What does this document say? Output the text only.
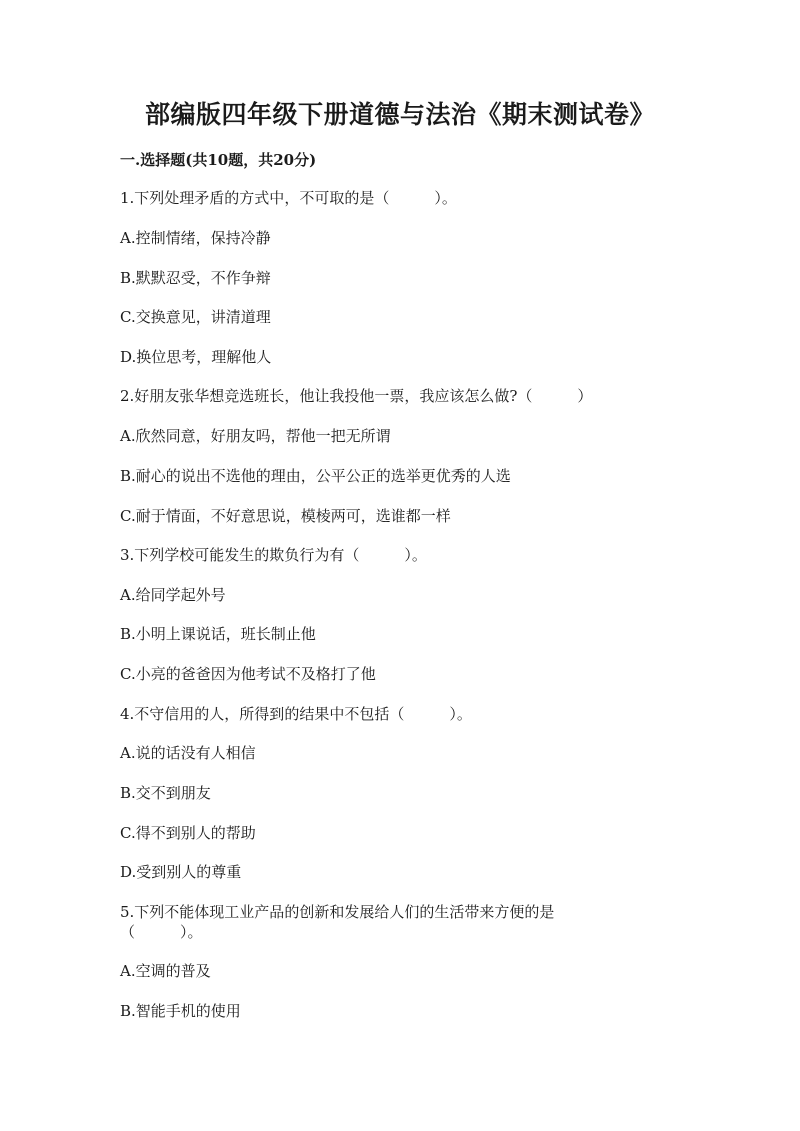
部编版四年级下册道德与法治《期末测试卷》
一.选择题(共10题，共20分)
1.下列处理矛盾的方式中，不可取的是（　　　）。
A.控制情绪，保持冷静
B.默默忍受，不作争辩
C.交换意见，讲清道理
D.换位思考，理解他人
2.好朋友张华想竞选班长，他让我投他一票，我应该怎么做?（　　　）
A.欣然同意，好朋友吗，帮他一把无所谓
B.耐心的说出不选他的理由，公平公正的选举更优秀的人选
C.耐于情面，不好意思说，模棱两可，选谁都一样
3.下列学校可能发生的欺负行为有（　　　）。
A.给同学起外号
B.小明上课说话，班长制止他
C.小亮的爸爸因为他考试不及格打了他
4.不守信用的人，所得到的结果中不包括（　　　）。
A.说的话没有人相信
B.交不到朋友
C.得不到别人的帮助
D.受到别人的尊重
5.下列不能体现工业产品的创新和发展给人们的生活带来方便的是
（　　　）。
A.空调的普及
B.智能手机的使用
